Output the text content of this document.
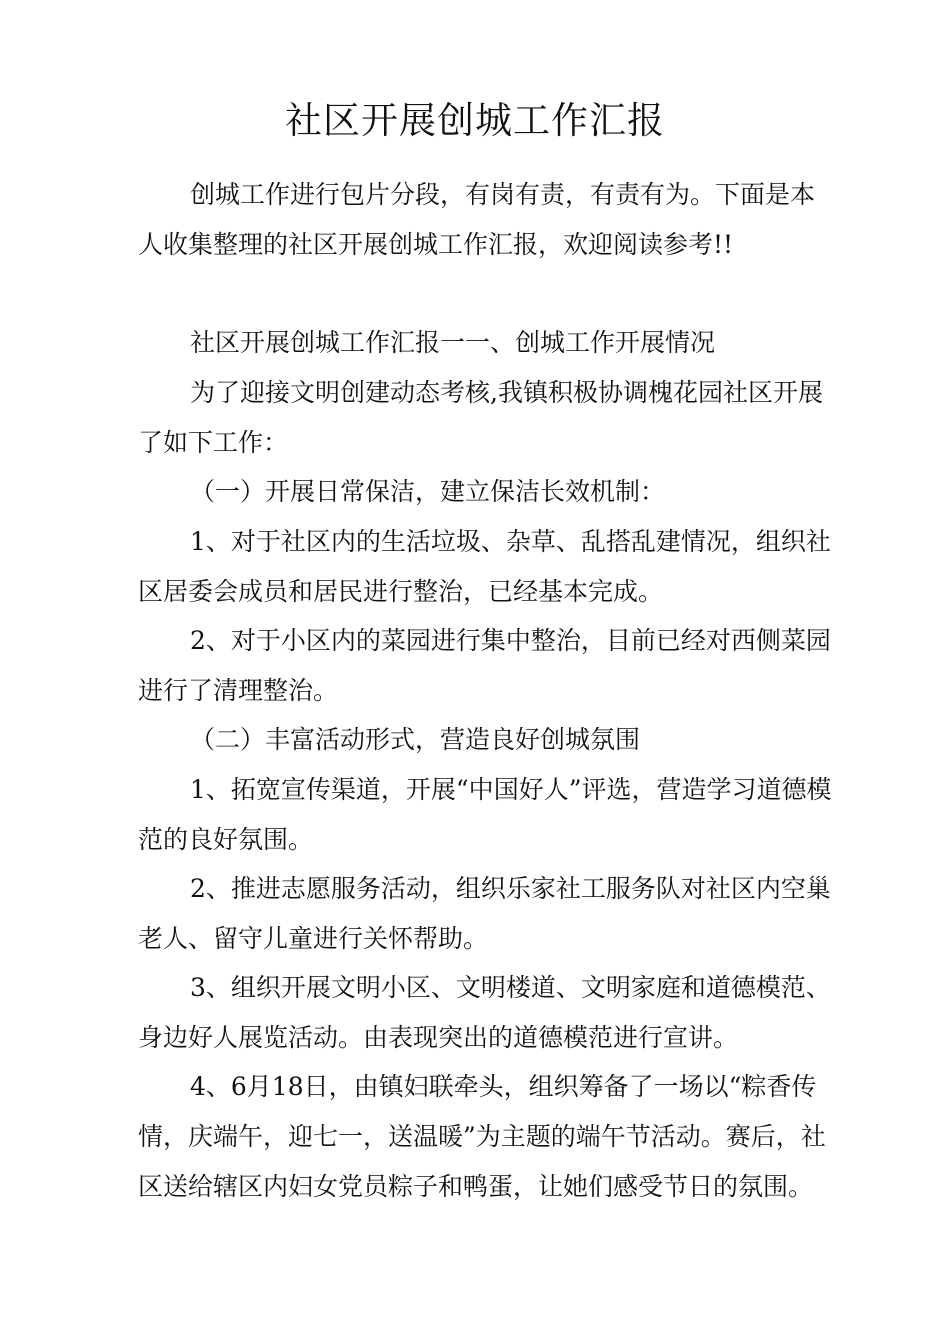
社区开展创城工作汇报

创城工作进行包片分段，有岗有责，有责有为。下面是本人收集整理的社区开展创城工作汇报，欢迎阅读参考!!

社区开展创城工作汇报一一、创城工作开展情况

为了迎接文明创建动态考核,我镇积极协调槐花园社区开展了如下工作：

（一）开展日常保洁，建立保洁长效机制：

1、对于社区内的生活垃圾、杂草、乱搭乱建情况，组织社区居委会成员和居民进行整治，已经基本完成。

2、对于小区内的菜园进行集中整治，目前已经对西侧菜园进行了清理整治。

（二）丰富活动形式，营造良好创城氛围

1、拓宽宣传渠道，开展“中国好人”评选，营造学习道德模范的良好氛围。

2、推进志愿服务活动，组织乐家社工服务队对社区内空巢老人、留守儿童进行关怀帮助。

3、组织开展文明小区、文明楼道、文明家庭和道德模范、身边好人展览活动。由表现突出的道德模范进行宣讲。

4、6月18日，由镇妇联牵头，组织筹备了一场以“粽香传情，庆端午，迎七一，送温暖”为主题的端午节活动。赛后，社区送给辖区内妇女党员粽子和鸭蛋，让她们感受节日的氛围。
